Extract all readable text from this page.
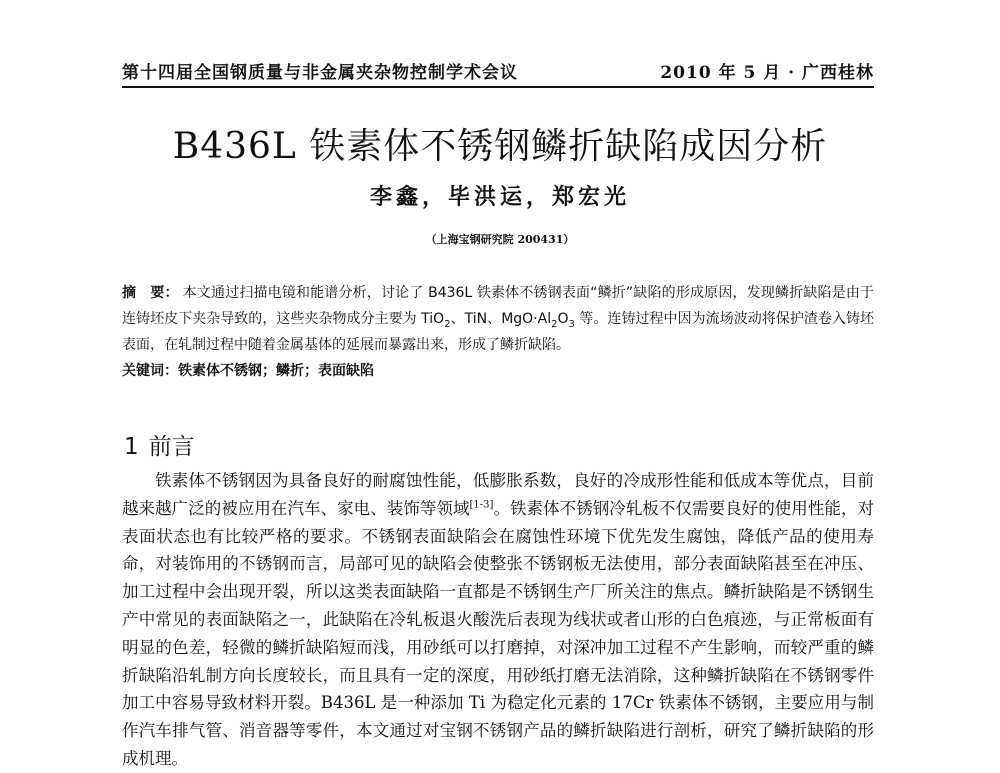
第十四届全国钢质量与非金属夹杂物控制学术会议	2010 年 5 月 · 广西桂林
B436L 铁素体不锈钢鳞折缺陷成因分析
李鑫，毕洪运，郑宏光
（上海宝钢研究院 200431）
摘　要： 本文通过扫描电镜和能谱分析，讨论了 B436L 铁素体不锈钢表面“鳞折”缺陷的形成原因，发现鳞折缺陷是由于连铸坯皮下夹杂导致的，这些夹杂物成分主要为 TiO$_2$、TiN、$MgO\cdot Al_2O_3$ 等。连铸过程中因为流场波动将保护渣卷入铸坯表面，在轧制过程中随着金属基体的延展而暴露出来，形成了鳞折缺陷。
关键词：铁素体不锈钢；鳞折；表面缺陷
1 前言
铁素体不锈钢因为具备良好的耐腐蚀性能，低膨胀系数，良好的冷成形性能和低成本等优点，目前越来越广泛的被应用在汽车、家电、装饰等领域[1-3]。铁素体不锈钢冷轧板不仅需要良好的使用性能，对表面状态也有比较严格的要求。不锈钢表面缺陷会在腐蚀性环境下优先发生腐蚀，降低产品的使用寿命，对装饰用的不锈钢而言，局部可见的缺陷会使整张不锈钢板无法使用，部分表面缺陷甚至在冲压、加工过程中会出现开裂，所以这类表面缺陷一直都是不锈钢生产厂所关注的焦点。鳞折缺陷是不锈钢生产中常见的表面缺陷之一，此缺陷在冷轧板退火酸洗后表现为线状或者山形的白色痕迹，与正常板面有明显的色差，轻微的鳞折缺陷短而浅，用砂纸可以打磨掉，对深冲加工过程不产生影响，而较严重的鳞折缺陷沿轧制方向长度较长，而且具有一定的深度，用砂纸打磨无法消除，这种鳞折缺陷在不锈钢零件加工中容易导致材料开裂。B436L 是一种添加 Ti 为稳定化元素的 17Cr 铁素体不锈钢，主要应用与制作汽车排气管、消音器等零件，本文通过对宝钢不锈钢产品的鳞折缺陷进行剖析，研究了鳞折缺陷的形成机理。
